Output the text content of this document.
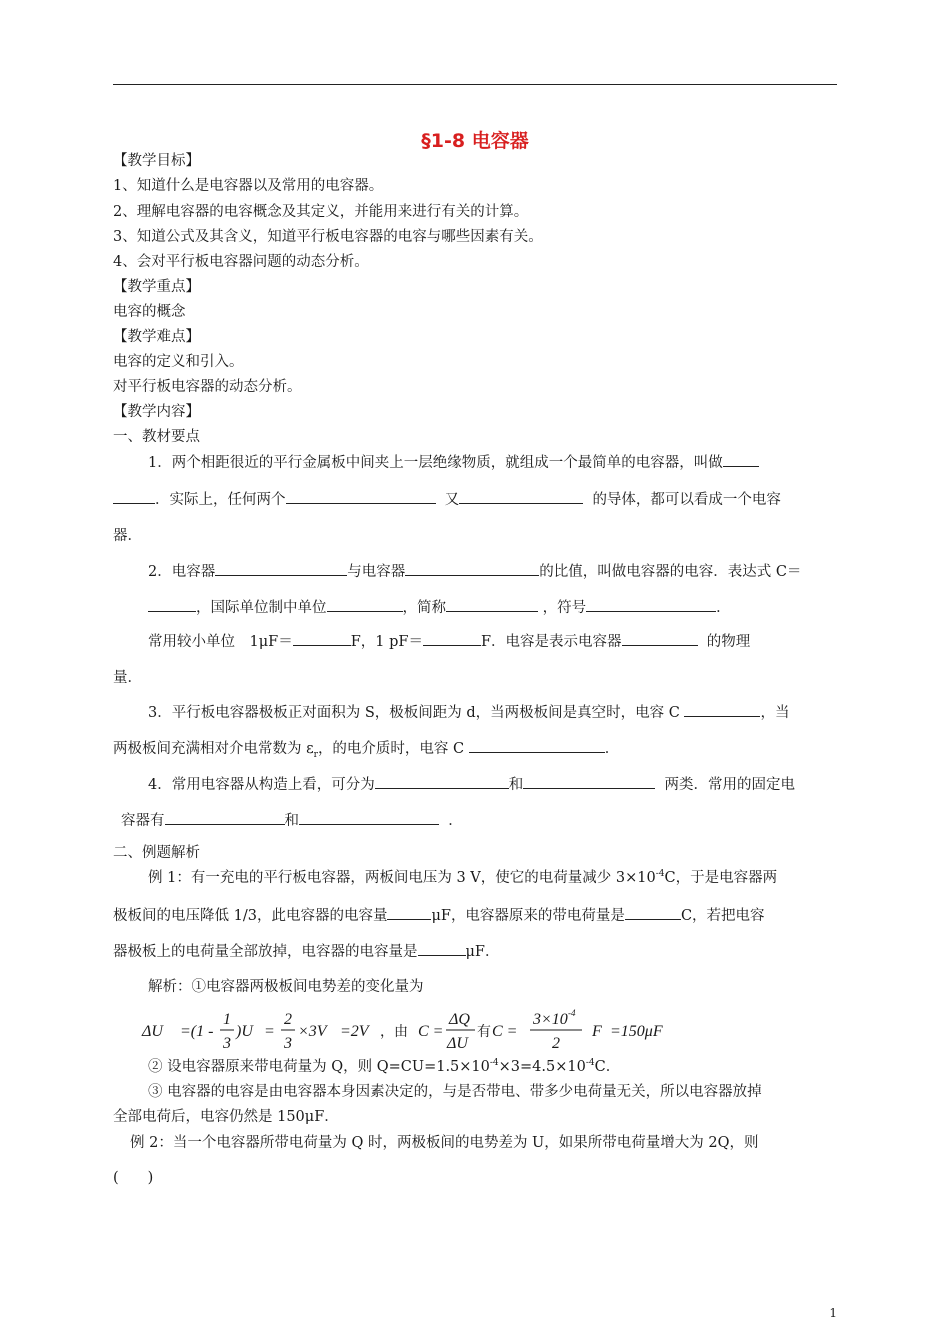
§1-8 电容器
【教学目标】
1、知道什么是电容器以及常用的电容器。
2、理解电容器的电容概念及其定义，并能用来进行有关的计算。
3、知道公式及其含义，知道平行板电容器的电容与哪些因素有关。
4、会对平行板电容器问题的动态分析。
【教学重点】
电容的概念
【教学难点】
电容的定义和引入。
对平行板电容器的动态分析。
【教学内容】
一、教材要点
1．两个相距很近的平行金属板中间夹上一层绝缘物质，就组成一个最简单的电容器，叫做
．实际上，任何两个	又	的导体，都可以看成一个电容
器．
2．电容器	与电容器	的比值，叫做电容器的电容．表达式 C＝
，国际单位制中单位	，简称	，符号	．
常用较小单位　1μF＝	F，1 pF＝	F．电容是表示电容器	的物理
量．
3．平行板电容器极板正对面积为 S，极板间距为 d，当两极板间是真空时，电容 C	，当
两极板间充满相对介电常数为 $\varepsilon_r$，的电介质时，电容 C	．
4．常用电容器从构造上看，可分为	和	两类．常用的固定电
容器有	和	．
二、例题解析
例 1：有一充电的平行板电容器，两板间电压为 3 V，使它的电荷量减少 $3\times 10^{-4}C$，于是电容器两
极板间的电压降低 1/3，此电容器的电容量	μF，电容器原来的带电荷量是	C，若把电容
器极板上的电荷量全部放掉，电容器的电容量是	μF．
解析：①电容器两极板间电势差的变化量为
ΔU =(1 -
1
3
)U =
2
3
×3V =2V ，由 C =
ΔQ
ΔU
有 C =
3×10 -4
2
F =150μF
② 设电容器原来带电荷量为 Q，则 $Q=CU=1.5\times 10^{-4}\times 3=4.5\times 10^{-4}C$．
③ 电容器的电容是由电容器本身因素决定的，与是否带电、带多少电荷量无关，所以电容器放掉
全部电荷后，电容仍然是 150μF．
例 2：当一个电容器所带电荷量为 Q 时，两极板间的电势差为 U，如果所带电荷量增大为 2Q，则
(　　)
1
